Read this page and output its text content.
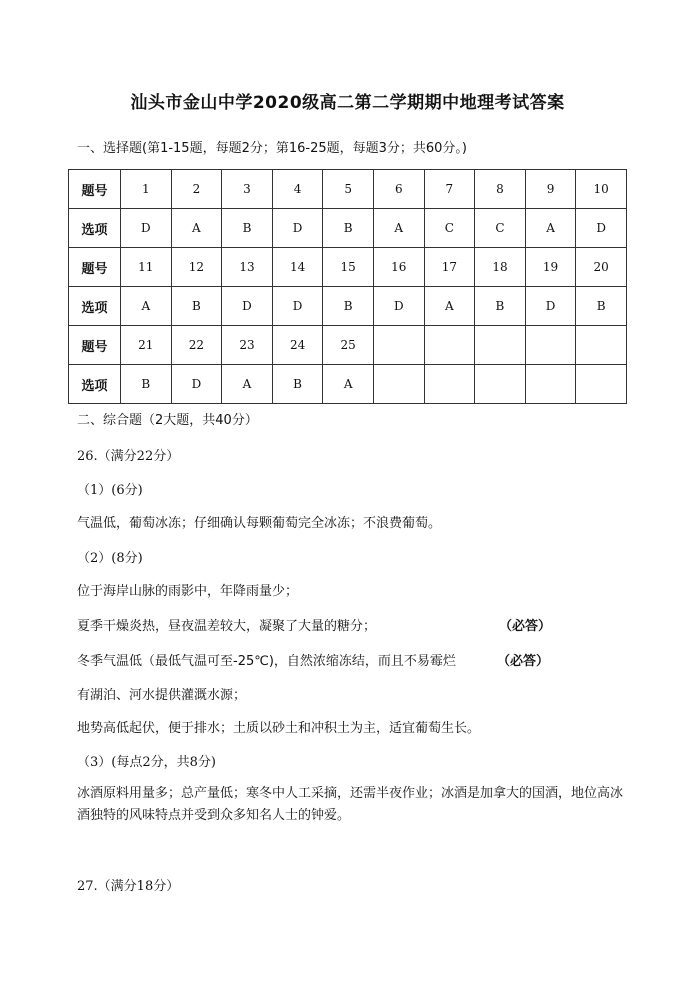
汕头市金山中学2020级高二第二学期期中地理考试答案
一、选择题(第1-15题，每题2分；第16-25题，每题3分；共60分。)
题号	1	2	3	4	5	6	7	8	9	10
选项	D	A	B	D	B	A	C	C	A	D
题号	11	12	13	14	15	16	17	18	19	20
选项	A	B	D	D	B	D	A	B	D	B
题号	21	22	23	24	25					
选项	B	D	A	B	A					
二、综合题（2大题，共40分）
26.（满分22分）
（1）(6分)
气温低，葡萄冰冻；仔细确认每颗葡萄完全冰冻；不浪费葡萄。
（2）(8分)
位于海岸山脉的雨影中，年降雨量少；
夏季干燥炎热，昼夜温差较大，凝聚了大量的糖分；	（必答）
冬季气温低（最低气温可至-25℃)，自然浓缩冻结，而且不易霉烂	（必答）
有湖泊、河水提供灌溉水源；
地势高低起伏，便于排水；土质以砂土和冲积土为主，适宜葡萄生长。
（3）(每点2分，共8分)
冰酒原料用量多；总产量低；寒冬中人工采摘，还需半夜作业；冰酒是加拿大的国酒，地位高冰酒独特的风味特点并受到众多知名人士的钟爱。
27.（满分18分）
